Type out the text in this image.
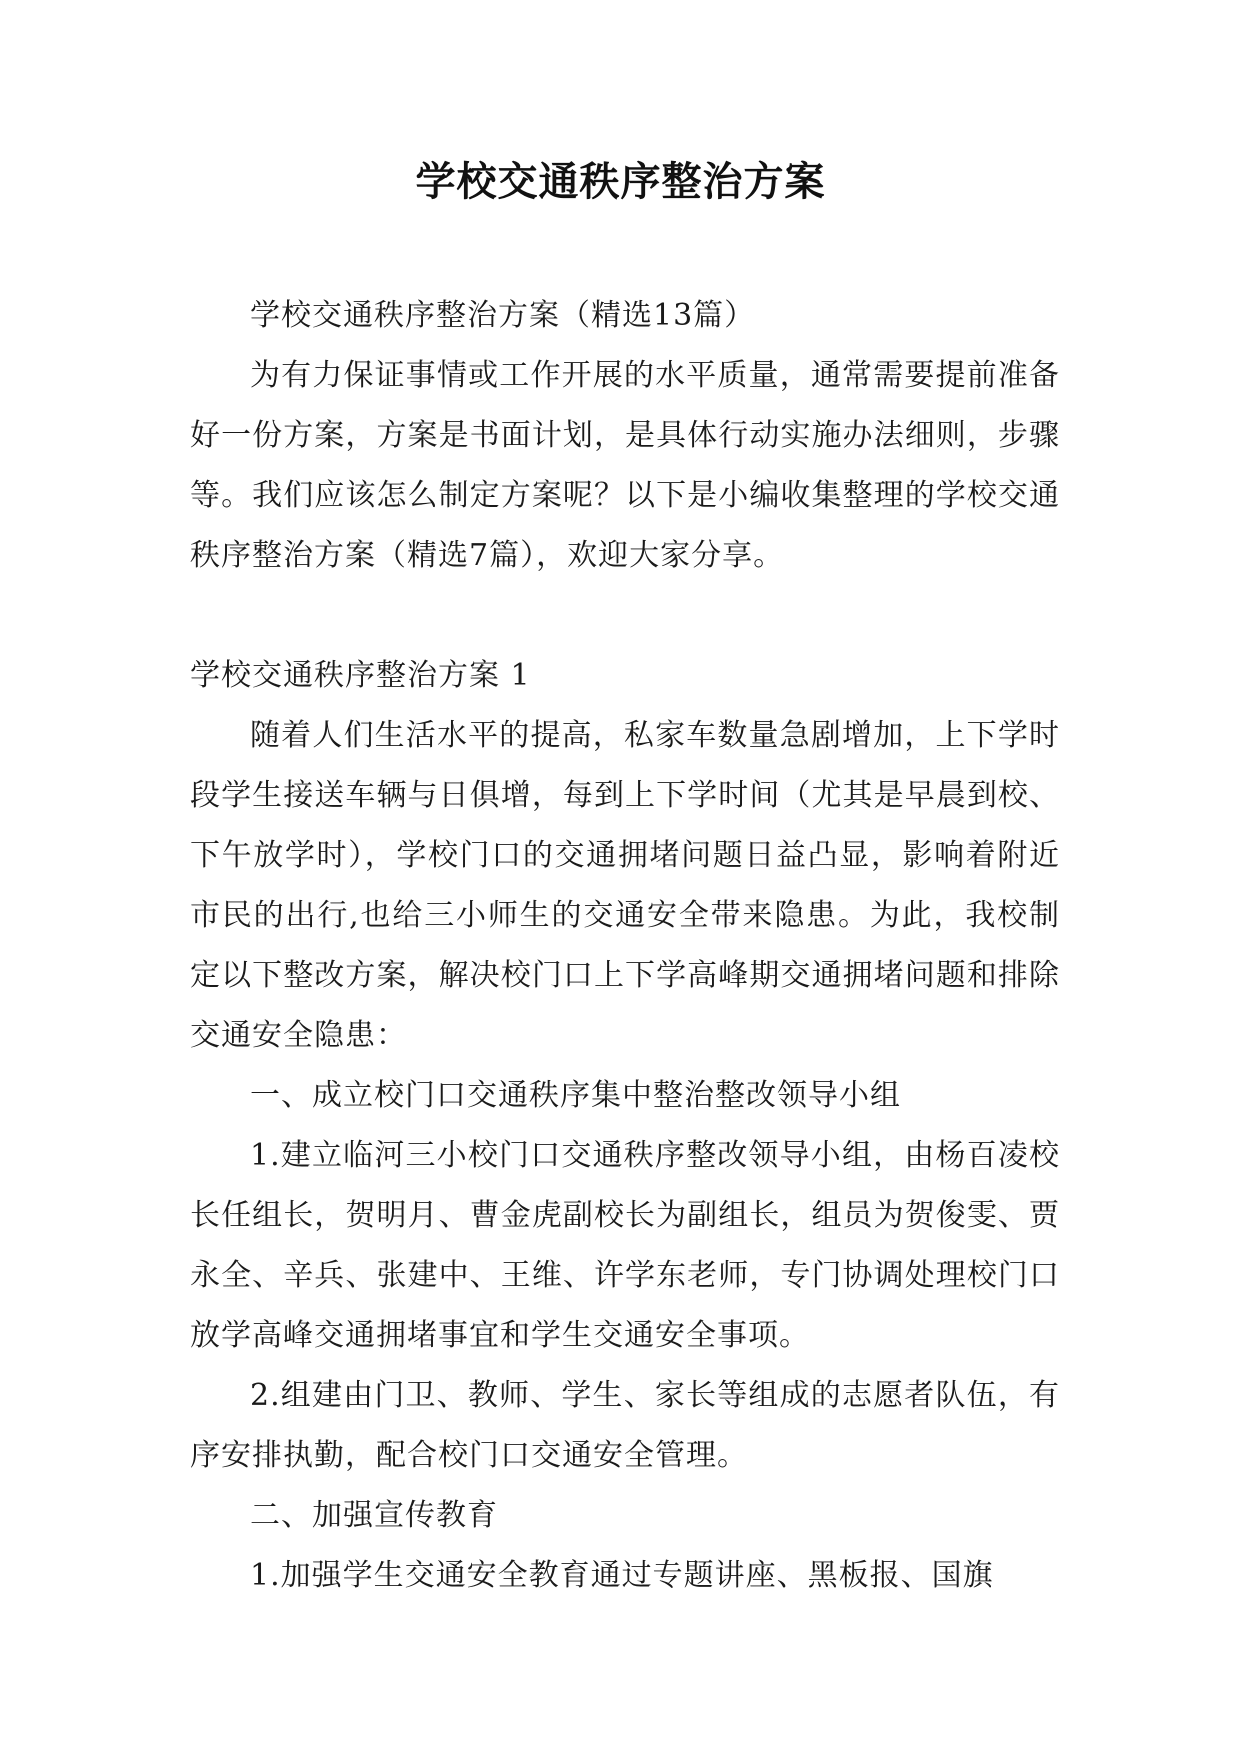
学校交通秩序整治方案

学校交通秩序整治方案（精选13篇）

为有力保证事情或工作开展的水平质量，通常需要提前准备好一份方案，方案是书面计划，是具体行动实施办法细则，步骤等。我们应该怎么制定方案呢？以下是小编收集整理的学校交通秩序整治方案（精选7篇），欢迎大家分享。

学校交通秩序整治方案 1

随着人们生活水平的提高，私家车数量急剧增加，上下学时段学生接送车辆与日俱增，每到上下学时间（尤其是早晨到校、下午放学时），学校门口的交通拥堵问题日益凸显，影响着附近市民的出行,也给三小师生的交通安全带来隐患。为此，我校制定以下整改方案，解决校门口上下学高峰期交通拥堵问题和排除交通安全隐患：

一、成立校门口交通秩序集中整治整改领导小组

1.建立临河三小校门口交通秩序整改领导小组，由杨百凌校长任组长，贺明月、曹金虎副校长为副组长，组员为贺俊雯、贾永全、辛兵、张建中、王维、许学东老师，专门协调处理校门口放学高峰交通拥堵事宜和学生交通安全事项。

2.组建由门卫、教师、学生、家长等组成的志愿者队伍，有序安排执勤，配合校门口交通安全管理。

二、加强宣传教育

1.加强学生交通安全教育通过专题讲座、黑板报、国旗
